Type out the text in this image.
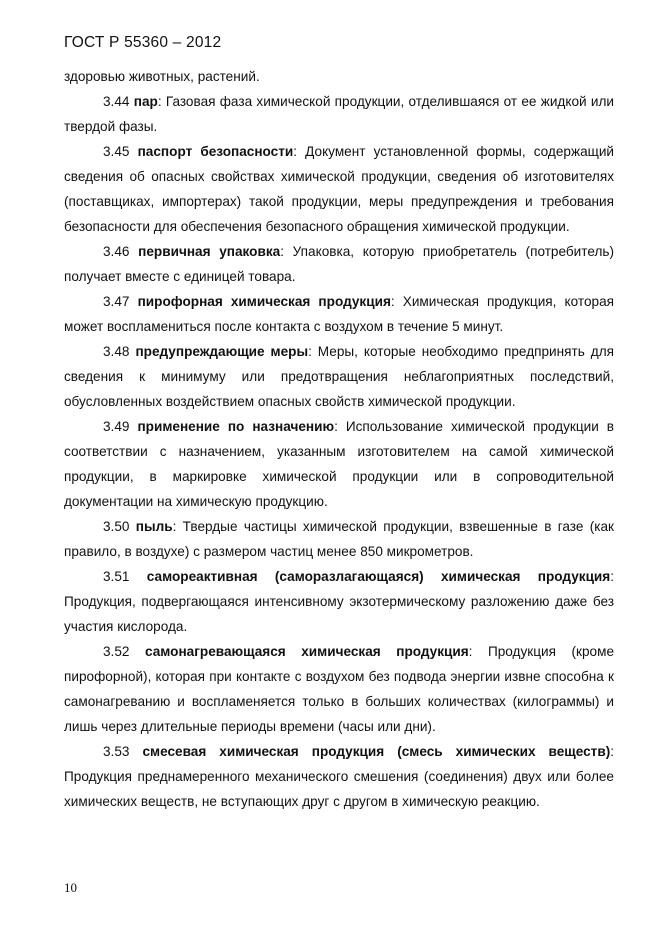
ГОСТ Р 55360 – 2012

здоровью животных, растений.

3.44 пар: Газовая фаза химической продукции, отделившаяся от ее жидкой или твердой фазы.

3.45 паспорт безопасности: Документ установленной формы, содержащий сведения об опасных свойствах химической продукции, сведения об изготовителях (поставщиках, импортерах) такой продукции, меры предупреждения и требования безопасности для обеспечения безопасного обращения химической продукции.

3.46 первичная упаковка: Упаковка, которую приобретатель (потребитель) получает вместе с единицей товара.

3.47 пирофорная химическая продукция: Химическая продукция, которая может воспламениться после контакта с воздухом в течение 5 минут.

3.48 предупреждающие меры: Меры, которые необходимо предпринять для сведения к минимуму или предотвращения неблагоприятных последствий, обусловленных воздействием опасных свойств химической продукции.

3.49 применение по назначению: Использование химической продукции в соответствии с назначением, указанным изготовителем на самой химической продукции, в маркировке химической продукции или в сопроводительной документации на химическую продукцию.

3.50 пыль: Твердые частицы химической продукции, взвешенные в газе (как правило, в воздухе) с размером частиц менее 850 микрометров.

3.51 самореактивная (саморазлагающаяся) химическая продукция: Продукция, подвергающаяся интенсивному экзотермическому разложению даже без участия кислорода.

3.52 самонагревающаяся химическая продукция: Продукция (кроме пирофорной), которая при контакте с воздухом без подвода энергии извне способна к самонагреванию и воспламеняется только в больших количествах (килограммы) и лишь через длительные периоды времени (часы или дни).

3.53 смесевая химическая продукция (смесь химических веществ): Продукция преднамеренного механического смешения (соединения) двух или более химических веществ, не вступающих друг с другом в химическую реакцию.

10
